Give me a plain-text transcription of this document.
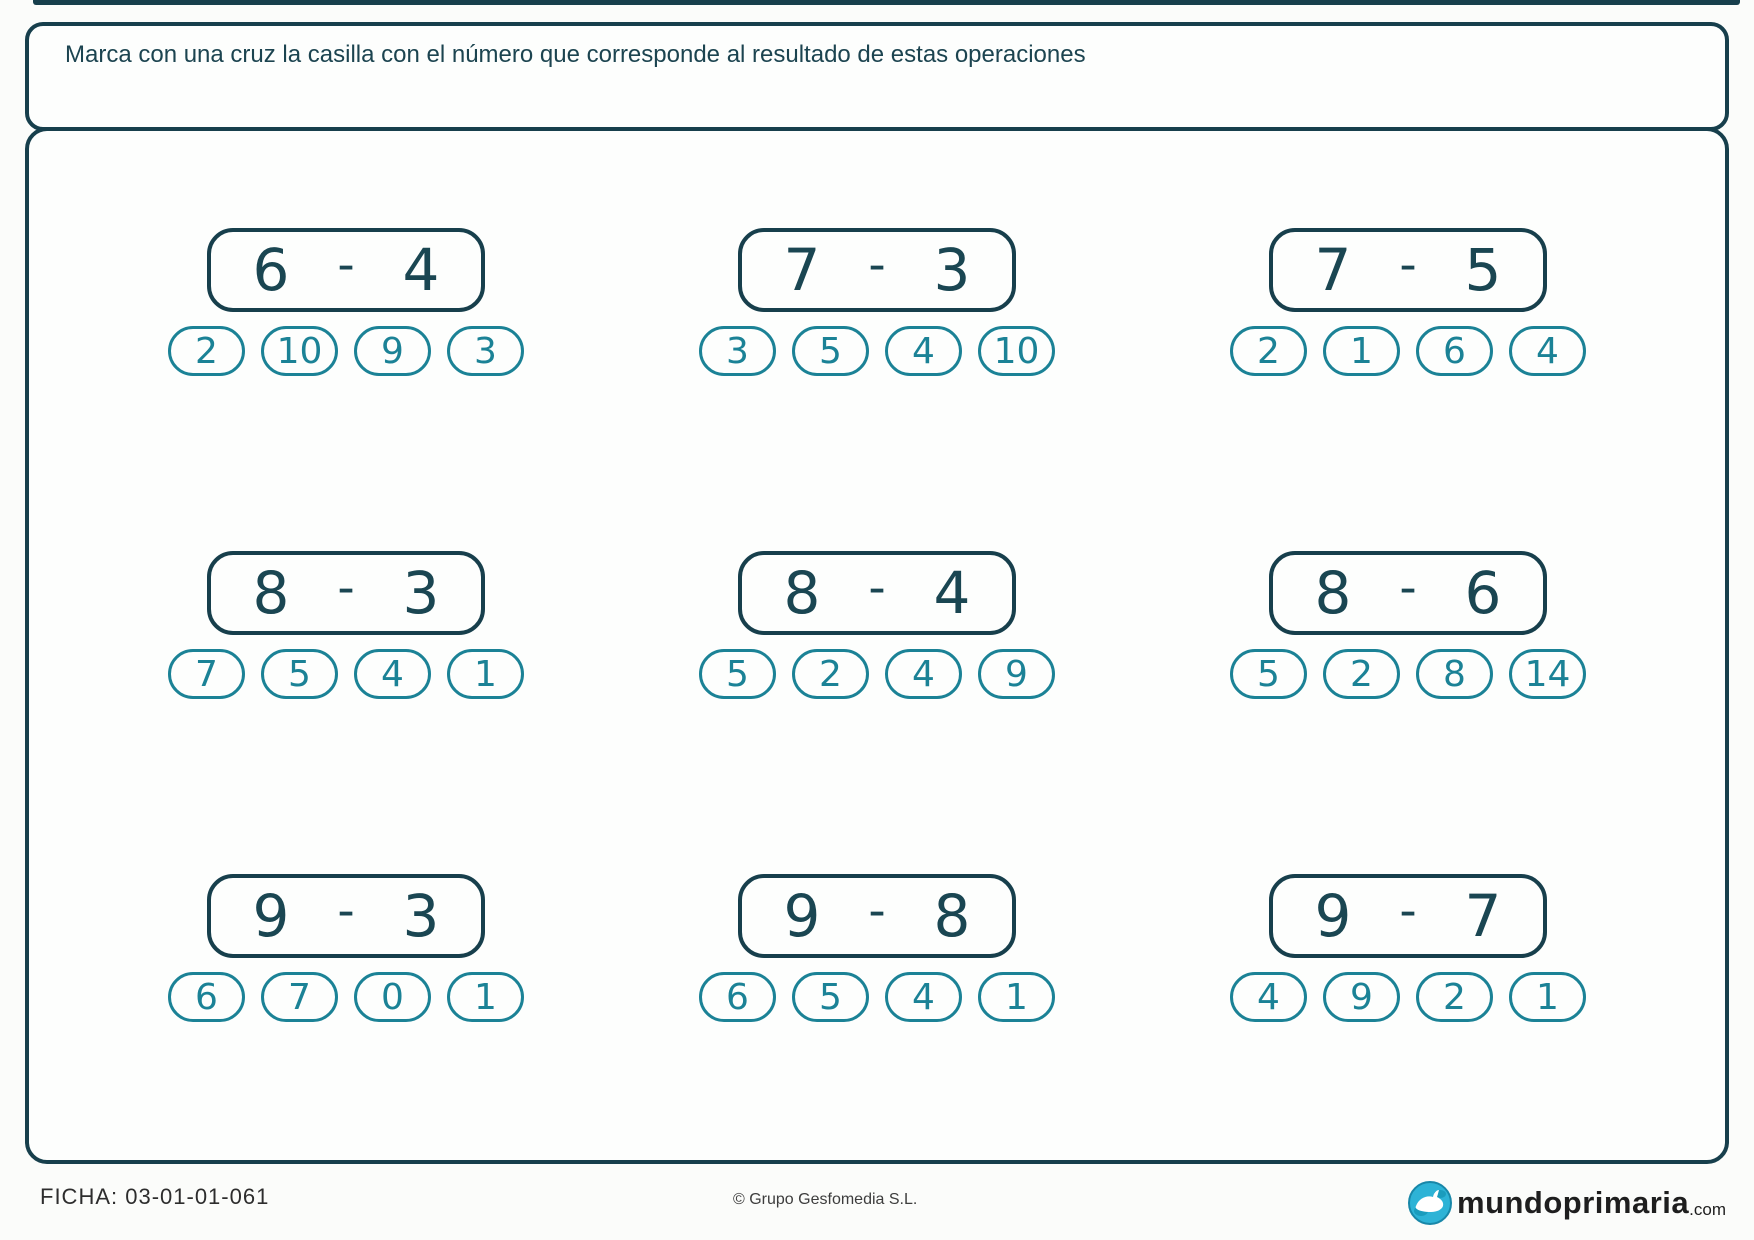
Marca con una cruz la casilla con el número que corresponde al resultado de estas operaciones
6 - 4
2	10	9	3
7 - 3
3	5	4	10
7 - 5
2	1	6	4
8 - 3
7	5	4	1
8 - 4
5	2	4	9
8 - 6
5	2	8	14
9 - 3
6	7	0	1
9 - 8
6	5	4	1
9 - 7
4	9	2	1
FICHA: 03-01-01-061	© Grupo Gesfomedia S.L.	mundoprimaria .com
